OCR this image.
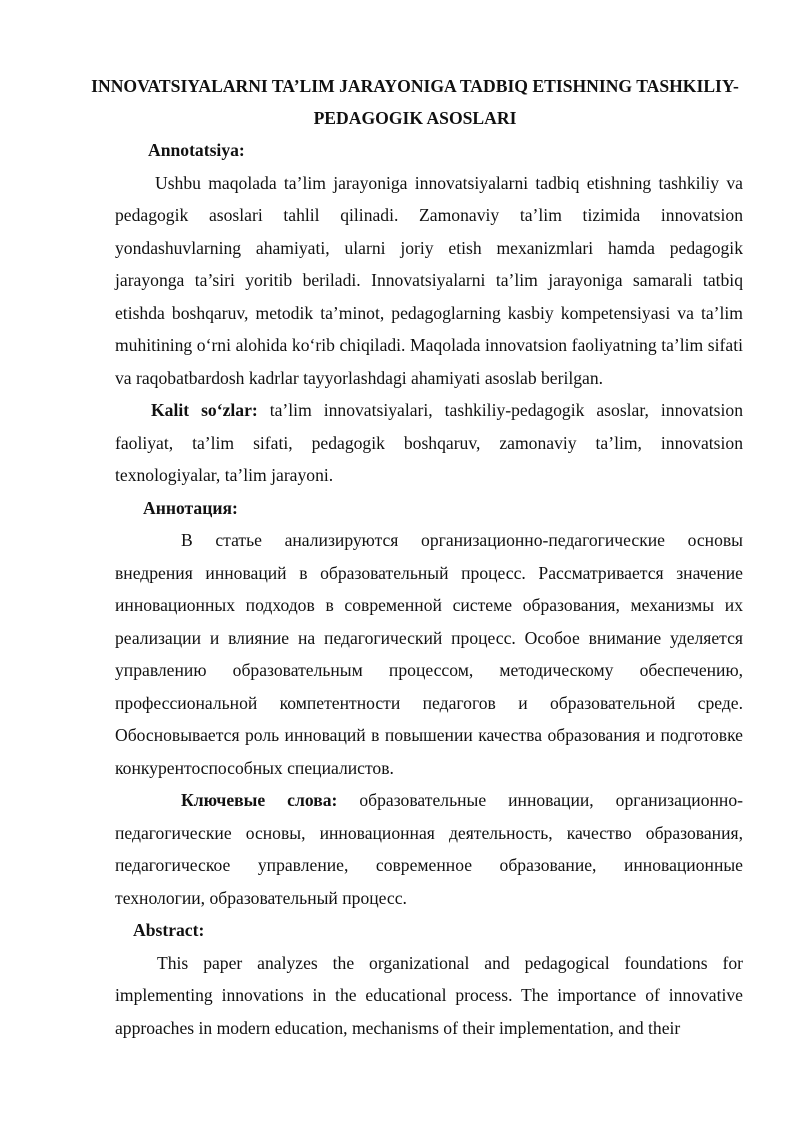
INNOVATSIYALARNI TA’LIM JARAYONIGA TADBIQ ETISHNING TASHKILIY-PEDAGOGIK ASOSLARI

Annotatsiya:

Ushbu maqolada ta’lim jarayoniga innovatsiyalarni tadbiq etishning tashkiliy va pedagogik asoslari tahlil qilinadi. Zamonaviy ta’lim tizimida innovatsion yondashuvlarning ahamiyati, ularni joriy etish mexanizmlari hamda pedagogik jarayonga ta’siri yoritib beriladi. Innovatsiyalarni ta’lim jarayoniga samarali tatbiq etishda boshqaruv, metodik ta’minot, pedagoglarning kasbiy kompetensiyasi va ta’lim muhitining o‘rni alohida ko‘rib chiqiladi. Maqolada innovatsion faoliyatning ta’lim sifati va raqobatbardosh kadrlar tayyorlashdagi ahamiyati asoslab berilgan.

Kalit so‘zlar: ta’lim innovatsiyalari, tashkiliy-pedagogik asoslar, innovatsion faoliyat, ta’lim sifati, pedagogik boshqaruv, zamonaviy ta’lim, innovatsion texnologiyalar, ta’lim jarayoni.

Аннотация:

В статье анализируются организационно-педагогические основы внедрения инноваций в образовательный процесс. Рассматривается значение инновационных подходов в современной системе образования, механизмы их реализации и влияние на педагогический процесс. Особое внимание уделяется управлению образовательным процессом, методическому обеспечению, профессиональной компетентности педагогов и образовательной среде. Обосновывается роль инноваций в повышении качества образования и подготовке конкурентоспособных специалистов.

Ключевые слова: образовательные инновации, организационно-педагогические основы, инновационная деятельность, качество образования, педагогическое управление, современное образование, инновационные технологии, образовательный процесс.

Abstract:

This paper analyzes the organizational and pedagogical foundations for implementing innovations in the educational process. The importance of innovative approaches in modern education, mechanisms of their implementation, and their
